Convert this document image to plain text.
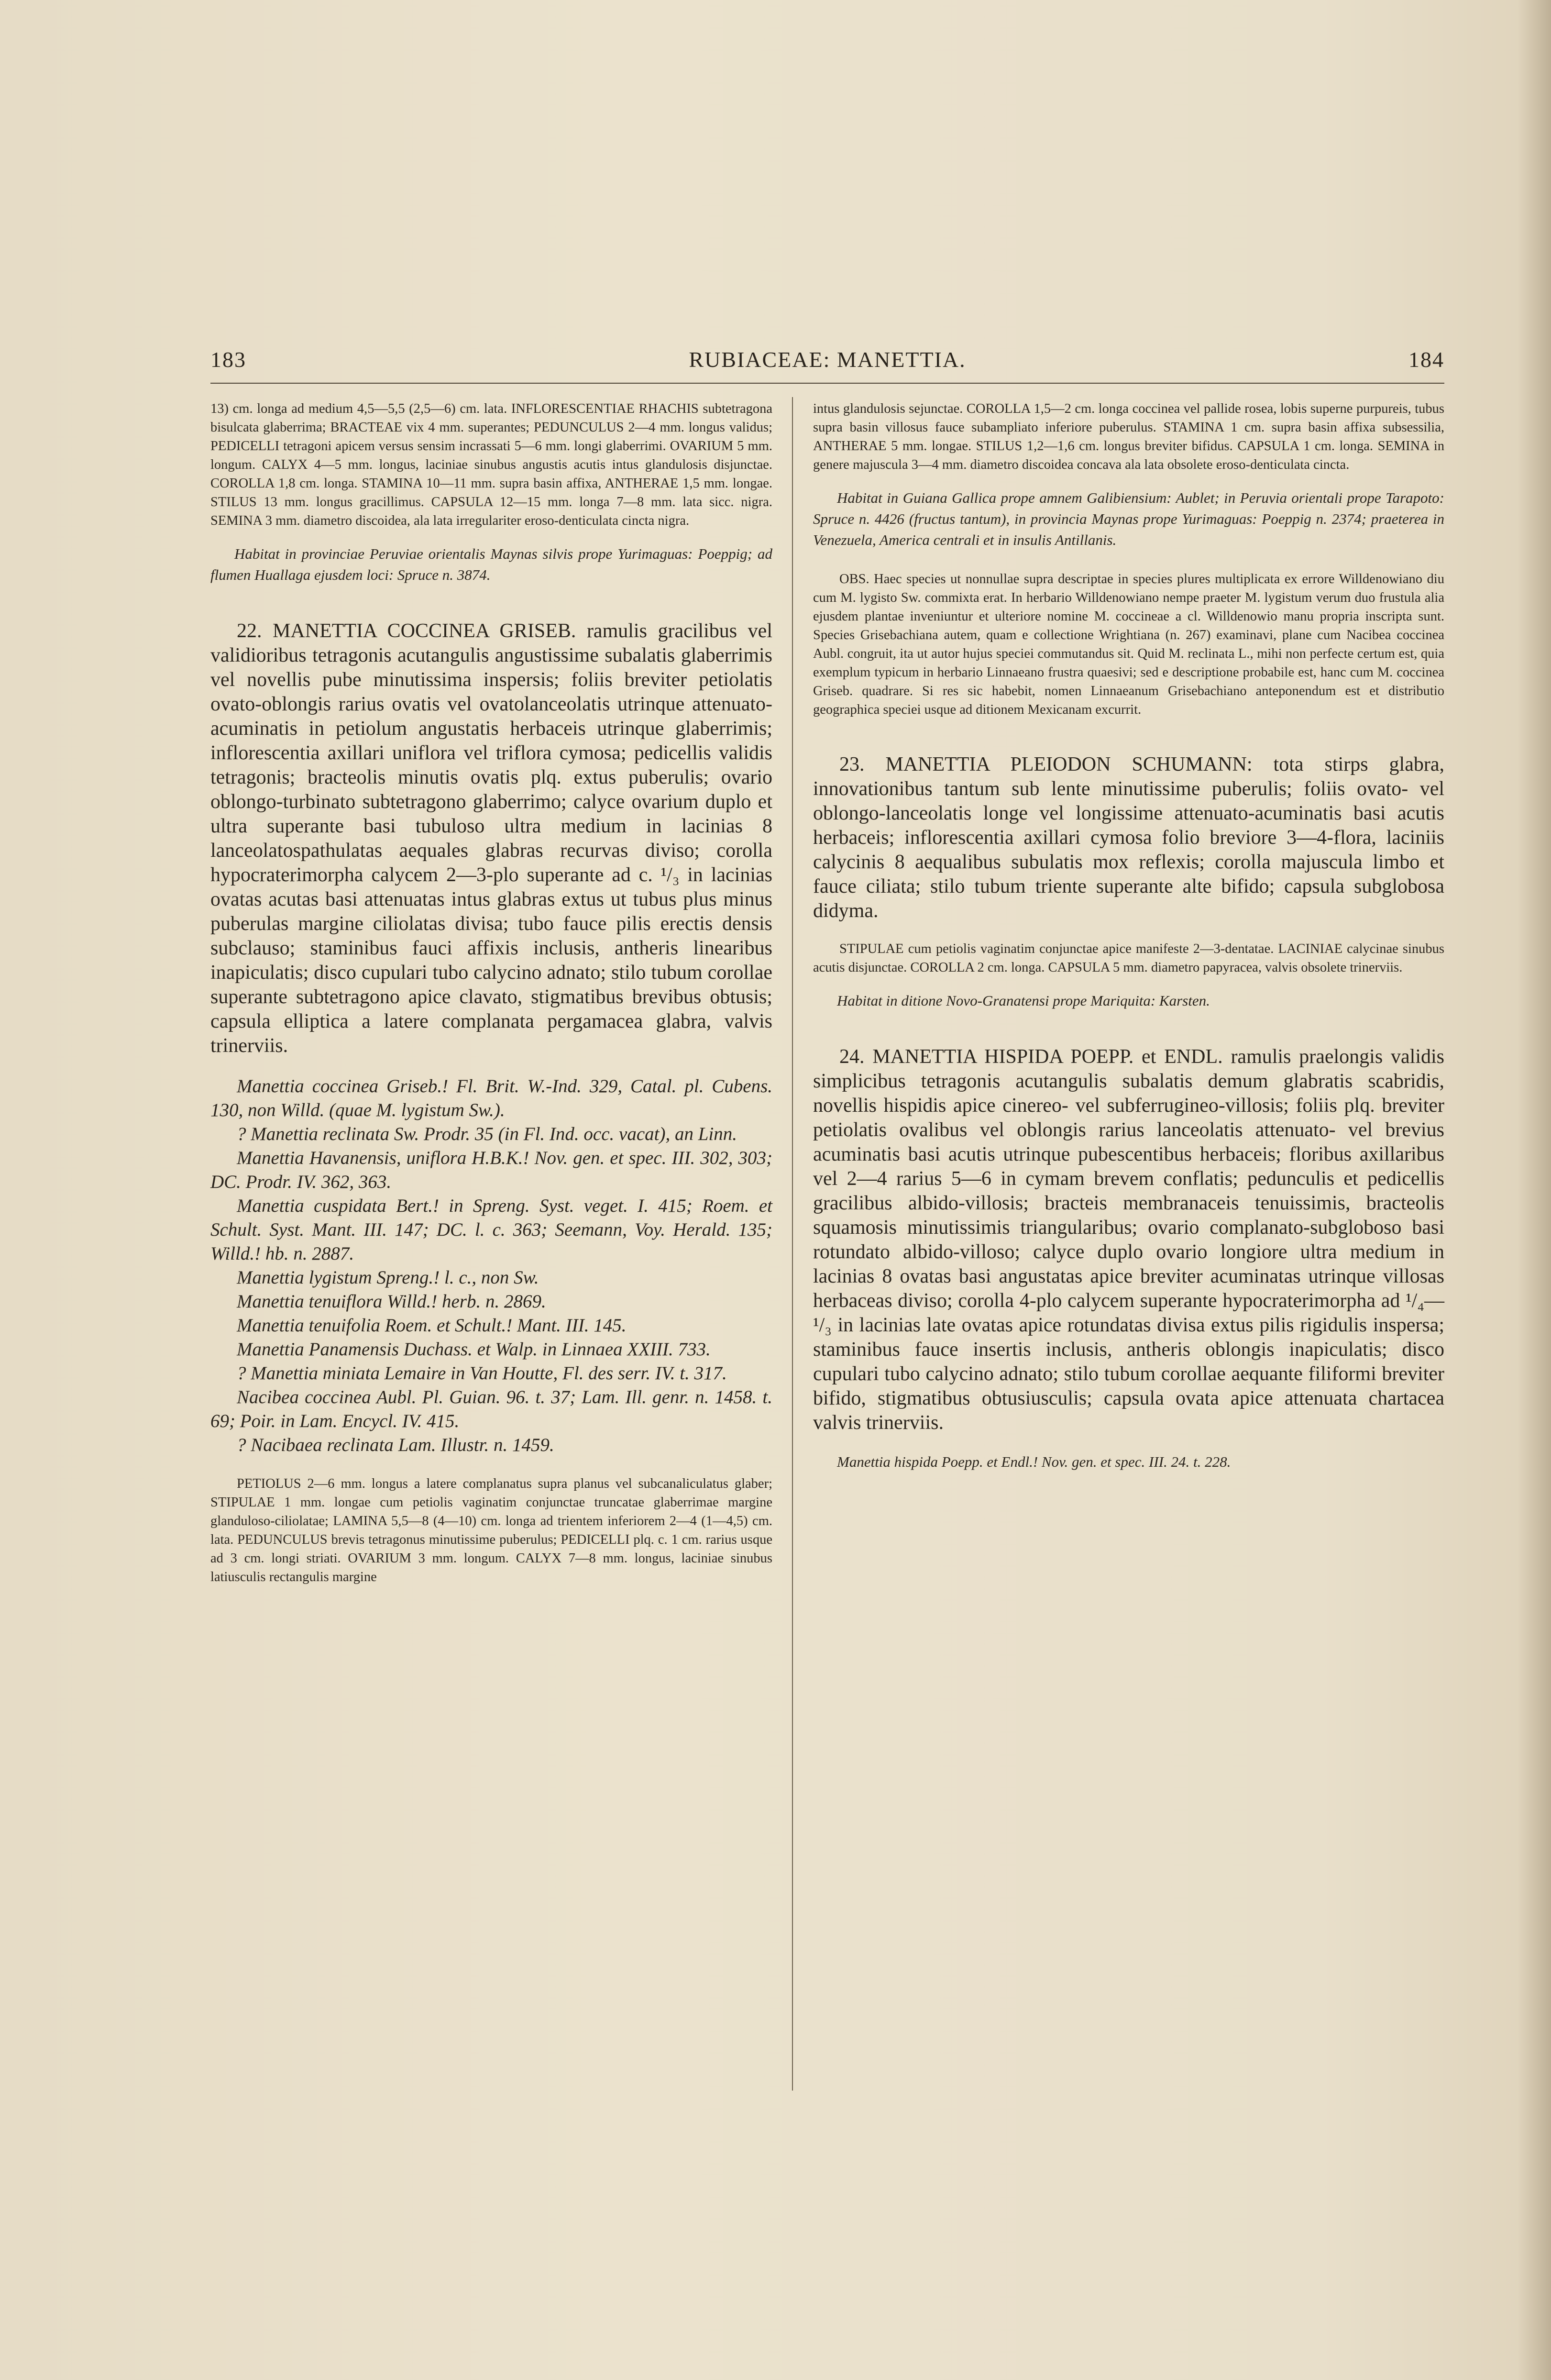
183	RUBIACEAE: MANETTIA.	184

13) cm. longa ad medium 4,5—5,5 (2,5—6) cm. lata. INFLORESCENTIAE RHACHIS subtetragona bisulcata glaberrima; BRACTEAE vix 4 mm. superantes; PEDUNCULUS 2—4 mm. longus validus; PEDICELLI tetragoni apicem versus sensim incrassati 5—6 mm. longi glaberrimi. OVARIUM 5 mm. longum. CALYX 4—5 mm. longus, laciniae sinubus angustis acutis intus glandulosis disjunctae. COROLLA 1,8 cm. longa. STAMINA 10—11 mm. supra basin affixa, ANTHERAE 1,5 mm. longae. STILUS 13 mm. longus gracillimus. CAPSULA 12—15 mm. longa 7—8 mm. lata sicc. nigra. SEMINA 3 mm. diametro discoidea, ala lata irregulariter eroso-denticulata cincta nigra.

Habitat in provinciae Peruviae orientalis Maynas silvis prope Yurimaguas: Poeppig; ad flumen Huallaga ejusdem loci: Spruce n. 3874.

22. MANETTIA COCCINEA GRISEB. ramulis gracilibus vel validioribus tetragonis acutangulis angustissime subalatis glaberrimis vel novellis pube minutissima inspersis; foliis breviter petiolatis ovato-oblongis rarius ovatis vel ovatolanceolatis utrinque attenuato-acuminatis in petiolum angustatis herbaceis utrinque glaberrimis; inflorescentia axillari uniflora vel triflora cymosa; pedicellis validis tetragonis; bracteolis minutis ovatis plq. extus puberulis; ovario oblongo-turbinato subtetragono glaberrimo; calyce ovarium duplo et ultra superante basi tubuloso ultra medium in lacinias 8 lanceolatospathulatas aequales glabras recurvas diviso; corolla hypocraterimorpha calycem 2—3-plo superante ad c. ¹/₃ in lacinias ovatas acutas basi attenuatas intus glabras extus ut tubus plus minus puberulas margine ciliolatas divisa; tubo fauce pilis erectis densis subclauso; staminibus fauci affixis inclusis, antheris linearibus inapiculatis; disco cupulari tubo calycino adnato; stilo tubum corollae superante subtetragono apice clavato, stigmatibus brevibus obtusis; capsula elliptica a latere complanata pergamacea glabra, valvis trinerviis.

Manettia coccinea Griseb.! Fl. Brit. W.-Ind. 329, Catal. pl. Cubens. 130, non Willd. (quae M. lygistum Sw.).

? Manettia reclinata Sw. Prodr. 35 (in Fl. Ind. occ. vacat), an Linn.

Manettia Havanensis, uniflora H.B.K.! Nov. gen. et spec. III. 302, 303; DC. Prodr. IV. 362, 363.

Manettia cuspidata Bert.! in Spreng. Syst. veget. I. 415; Roem. et Schult. Syst. Mant. III. 147; DC. l. c. 363; Seemann, Voy. Herald. 135; Willd.! hb. n. 2887.

Manettia lygistum Spreng.! l. c., non Sw.

Manettia tenuiflora Willd.! herb. n. 2869.

Manettia tenuifolia Roem. et Schult.! Mant. III. 145.

Manettia Panamensis Duchass. et Walp. in Linnaea XXIII. 733.

? Manettia miniata Lemaire in Van Houtte, Fl. des serr. IV. t. 317.

Nacibea coccinea Aubl. Pl. Guian. 96. t. 37; Lam. Ill. genr. n. 1458. t. 69; Poir. in Lam. Encycl. IV. 415.

? Nacibaea reclinata Lam. Illustr. n. 1459.

PETIOLUS 2—6 mm. longus a latere complanatus supra planus vel subcanaliculatus glaber; STIPULAE 1 mm. longae cum petiolis vaginatim conjunctae truncatae glaberrimae margine glanduloso-ciliolatae; LAMINA 5,5—8 (4—10) cm. longa ad trientem inferiorem 2—4 (1—4,5) cm. lata. PEDUNCULUS brevis tetragonus minutissime puberulus; PEDICELLI plq. c. 1 cm. rarius usque ad 3 cm. longi striati. OVARIUM 3 mm. longum. CALYX 7—8 mm. longus, laciniae sinubus latiusculis rectangulis margine

intus glandulosis sejunctae. COROLLA 1,5—2 cm. longa coccinea vel pallide rosea, lobis superne purpureis, tubus supra basin villosus fauce subampliato inferiore puberulus. STAMINA 1 cm. supra basin affixa subsessilia, ANTHERAE 5 mm. longae. STILUS 1,2—1,6 cm. longus breviter bifidus. CAPSULA 1 cm. longa. SEMINA in genere majuscula 3—4 mm. diametro discoidea concava ala lata obsolete eroso-denticulata cincta.

Habitat in Guiana Gallica prope amnem Galibiensium: Aublet; in Peruvia orientali prope Tarapoto: Spruce n. 4426 (fructus tantum), in provincia Maynas prope Yurimaguas: Poeppig n. 2374; praeterea in Venezuela, America centrali et in insulis Antillanis.

OBS. Haec species ut nonnullae supra descriptae in species plures multiplicata ex errore Willdenowiano diu cum M. lygisto Sw. commixta erat. In herbario Willdenowiano nempe praeter M. lygistum verum duo frustula alia ejusdem plantae inveniuntur et ulteriore nomine M. coccineae a cl. Willdenowio manu propria inscripta sunt. Species Grisebachiana autem, quam e collectione Wrightiana (n. 267) examinavi, plane cum Nacibea coccinea Aubl. congruit, ita ut autor hujus speciei commutandus sit. Quid M. reclinata L., mihi non perfecte certum est, quia exemplum typicum in herbario Linnaeano frustra quaesivi; sed e descriptione probabile est, hanc cum M. coccinea Griseb. quadrare. Si res sic habebit, nomen Linnaeanum Grisebachiano anteponendum est et distributio geographica speciei usque ad ditionem Mexicanam excurrit.

23. MANETTIA PLEIODON SCHUMANN: tota stirps glabra, innovationibus tantum sub lente minutissime puberulis; foliis ovato- vel oblongo-lanceolatis longe vel longissime attenuato-acuminatis basi acutis herbaceis; inflorescentia axillari cymosa folio breviore 3—4-flora, laciniis calycinis 8 aequalibus subulatis mox reflexis; corolla majuscula limbo et fauce ciliata; stilo tubum triente superante alte bifido; capsula subglobosa didyma.

STIPULAE cum petiolis vaginatim conjunctae apice manifeste 2—3-dentatae. LACINIAE calycinae sinubus acutis disjunctae. COROLLA 2 cm. longa. CAPSULA 5 mm. diametro papyracea, valvis obsolete trinerviis.

Habitat in ditione Novo-Granatensi prope Mariquita: Karsten.

24. MANETTIA HISPIDA POEPP. et ENDL. ramulis praelongis validis simplicibus tetragonis acutangulis subalatis demum glabratis scabridis, novellis hispidis apice cinereo- vel subferrugineo-villosis; foliis plq. breviter petiolatis ovalibus vel oblongis rarius lanceolatis attenuato- vel brevius acuminatis basi acutis utrinque pubescentibus herbaceis; floribus axillaribus vel 2—4 rarius 5—6 in cymam brevem conflatis; pedunculis et pedicellis gracilibus albido-villosis; bracteis membranaceis tenuissimis, bracteolis squamosis minutissimis triangularibus; ovario complanato-subgloboso basi rotundato albido-villoso; calyce duplo ovario longiore ultra medium in lacinias 8 ovatas basi angustatas apice breviter acuminatas utrinque villosas herbaceas diviso; corolla 4-plo calycem superante hypocraterimorpha ad ¹/₄—¹/₃ in lacinias late ovatas apice rotundatas divisa extus pilis rigidulis inspersa; staminibus fauce insertis inclusis, antheris oblongis inapiculatis; disco cupulari tubo calycino adnato; stilo tubum corollae aequante filiformi breviter bifido, stigmatibus obtusiusculis; capsula ovata apice attenuata chartacea valvis trinerviis.

Manettia hispida Poepp. et Endl.! Nov. gen. et spec. III. 24. t. 228.
